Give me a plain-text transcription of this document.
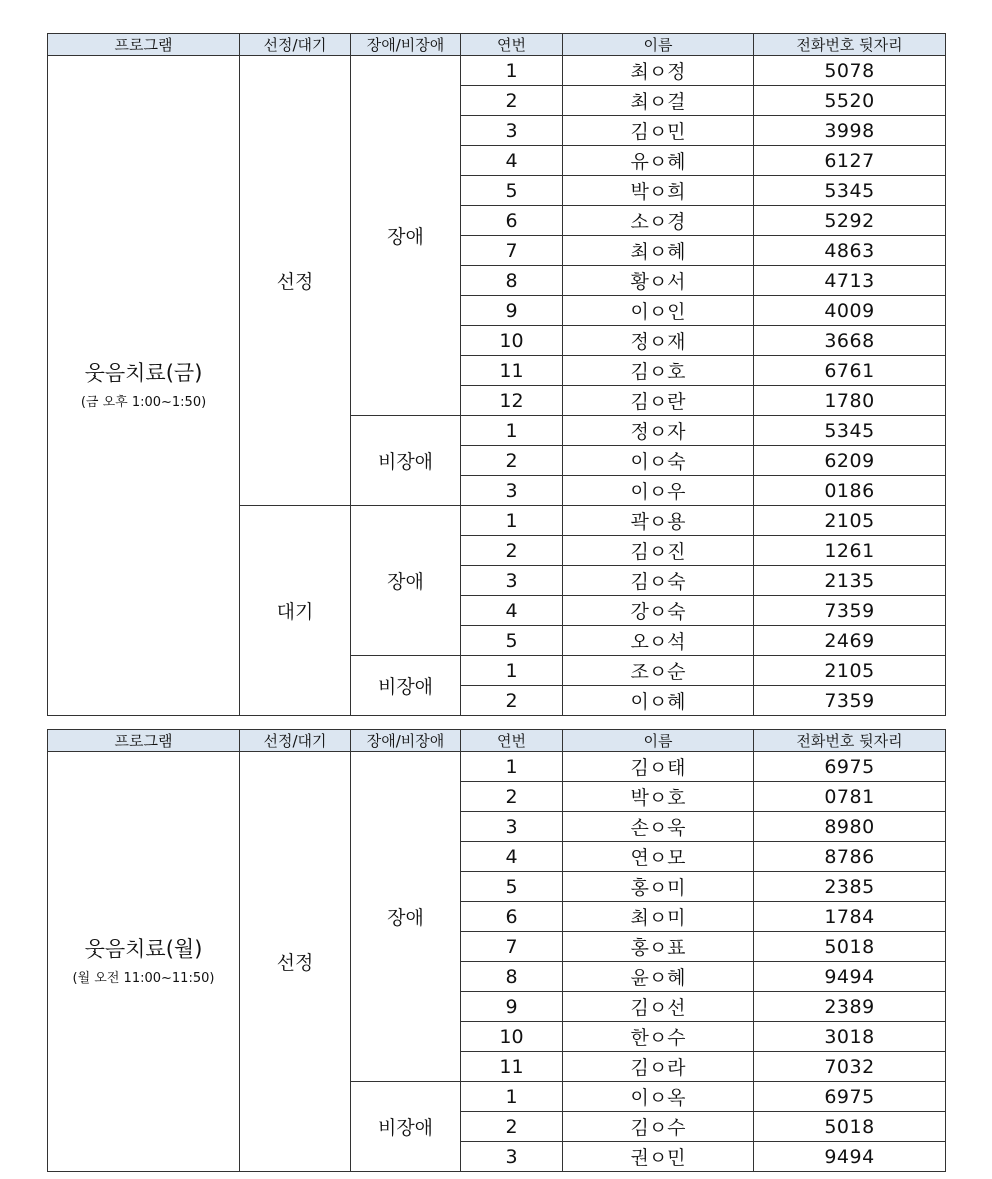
프로그램	선정/대기	장애/비장애	연번	이름	전화번호 뒷자리

웃음치료(금)
(금 오후 1:00~1:50)	선정	장애	1	최ㅇ정	5078
			2	최ㅇ걸	5520
			3	김ㅇ민	3998
			4	유ㅇ혜	6127
			5	박ㅇ희	5345
			6	소ㅇ경	5292
			7	최ㅇ혜	4863
			8	황ㅇ서	4713
			9	이ㅇ인	4009
			10	정ㅇ재	3668
			11	김ㅇ호	6761
			12	김ㅇ란	1780
		비장애	1	정ㅇ자	5345
			2	이ㅇ숙	6209
			3	이ㅇ우	0186
	대기	장애	1	곽ㅇ용	2105
			2	김ㅇ진	1261
			3	김ㅇ숙	2135
			4	강ㅇ숙	7359
			5	오ㅇ석	2469
		비장애	1	조ㅇ순	2105
			2	이ㅇ혜	7359
프로그램	선정/대기	장애/비장애	연번	이름	전화번호 뒷자리

웃음치료(월)
(월 오전 11:00~11:50)	선정	장애	1	김ㅇ태	6975
			2	박ㅇ호	0781
			3	손ㅇ욱	8980
			4	연ㅇ모	8786
			5	홍ㅇ미	2385
			6	최ㅇ미	1784
			7	홍ㅇ표	5018
			8	윤ㅇ혜	9494
			9	김ㅇ선	2389
			10	한ㅇ수	3018
			11	김ㅇ라	7032
		비장애	1	이ㅇ옥	6975
			2	김ㅇ수	5018
			3	권ㅇ민	9494
